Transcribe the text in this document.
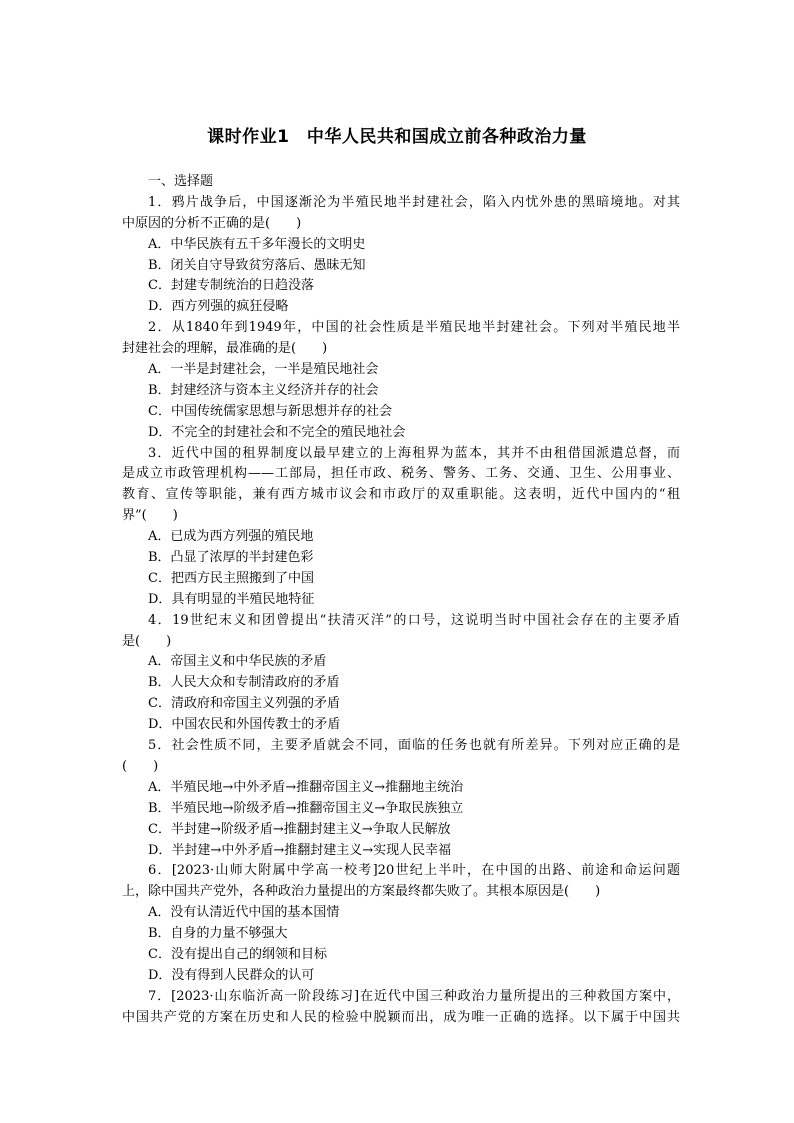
课时作业1　中华人民共和国成立前各种政治力量
一、选择题
1．鸦片战争后，中国逐渐沦为半殖民地半封建社会，陷入内忧外患的黑暗境地。对其
中原因的分析不正确的是(　　)
A．中华民族有五千多年漫长的文明史
B．闭关自守导致贫穷落后、愚昧无知
C．封建专制统治的日趋没落
D．西方列强的疯狂侵略
2．从1840年到1949年，中国的社会性质是半殖民地半封建社会。下列对半殖民地半
封建社会的理解，最准确的是(　　)
A．一半是封建社会，一半是殖民地社会
B．封建经济与资本主义经济并存的社会
C．中国传统儒家思想与新思想并存的社会
D．不完全的封建社会和不完全的殖民地社会
3．近代中国的租界制度以最早建立的上海租界为蓝本，其并不由租借国派遣总督，而
是成立市政管理机构——工部局，担任市政、税务、警务、工务、交通、卫生、公用事业、
教育、宣传等职能，兼有西方城市议会和市政厅的双重职能。这表明，近代中国内的“租
界”(　　)
A．已成为西方列强的殖民地
B．凸显了浓厚的半封建色彩
C．把西方民主照搬到了中国
D．具有明显的半殖民地特征
4．19世纪末义和团曾提出“扶清灭洋”的口号，这说明当时中国社会存在的主要矛盾
是(　　)
A．帝国主义和中华民族的矛盾
B．人民大众和专制清政府的矛盾
C．清政府和帝国主义列强的矛盾
D．中国农民和外国传教士的矛盾
5．社会性质不同，主要矛盾就会不同，面临的任务也就有所差异。下列对应正确的是
(　　)
A．半殖民地→中外矛盾→推翻帝国主义→推翻地主统治
B．半殖民地→阶级矛盾→推翻帝国主义→争取民族独立
C．半封建→阶级矛盾→推翻封建主义→争取人民解放
D．半封建→中外矛盾→推翻封建主义→实现人民幸福
6．[2023·山师大附属中学高一校考]20世纪上半叶，在中国的出路、前途和命运问题
上，除中国共产党外，各种政治力量提出的方案最终都失败了。其根本原因是(　　)
A．没有认清近代中国的基本国情
B．自身的力量不够强大
C．没有提出自己的纲领和目标
D．没有得到人民群众的认可
7．[2023·山东临沂高一阶段练习]在近代中国三种政治力量所提出的三种救国方案中，
中国共产党的方案在历史和人民的检验中脱颖而出，成为唯一正确的选择。以下属于中国共
